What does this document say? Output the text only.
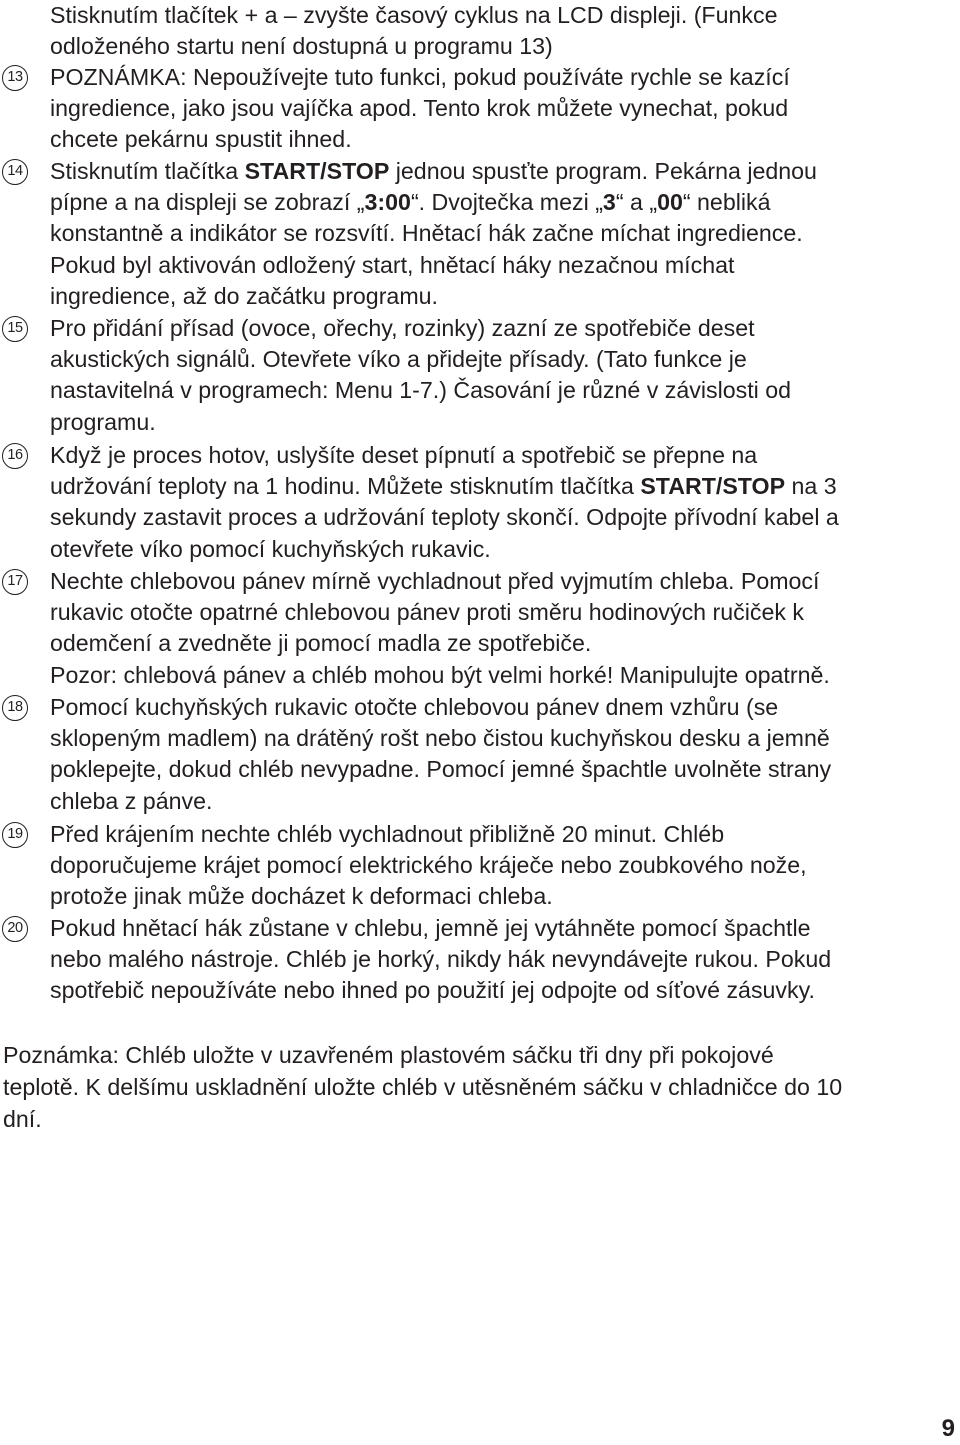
Stisknutím tlačítek + a – zvyšte časový cyklus na LCD displeji. (Funkce
odloženého startu není dostupná u programu 13)
13 POZNÁMKA: Nepoužívejte tuto funkci, pokud používáte rychle se kazící
ingredience, jako jsou vajíčka apod. Tento krok můžete vynechat, pokud
chcete pekárnu spustit ihned.
14 Stisknutím tlačítka START/STOP jednou spusťte program. Pekárna jednou
pípne a na displeji se zobrazí „3:00“. Dvojtečka mezi „3“ a „00“ nebliká
konstantně a indikátor se rozsvítí. Hnětací hák začne míchat ingredience.
Pokud byl aktivován odložený start, hnětací háky nezačnou míchat
ingredience, až do začátku programu.
15 Pro přidání přísad (ovoce, ořechy, rozinky) zazní ze spotřebiče deset
akustických signálů. Otevřete víko a přidejte přísady. (Tato funkce je
nastavitelná v programech: Menu 1-7.) Časování je různé v závislosti od
programu.
16 Když je proces hotov, uslyšíte deset pípnutí a spotřebič se přepne na
udržování teploty na 1 hodinu. Můžete stisknutím tlačítka START/STOP na 3
sekundy zastavit proces a udržování teploty skončí. Odpojte přívodní kabel a
otevřete víko pomocí kuchyňských rukavic.
17 Nechte chlebovou pánev mírně vychladnout před vyjmutím chleba. Pomocí
rukavic otočte opatrné chlebovou pánev proti směru hodinových ručiček k
odemčení a zvedněte ji pomocí madla ze spotřebiče.
Pozor: chlebová pánev a chléb mohou být velmi horké! Manipulujte opatrně.
18 Pomocí kuchyňských rukavic otočte chlebovou pánev dnem vzhůru (se
sklopeným madlem) na drátěný rošt nebo čistou kuchyňskou desku a jemně
poklepejte, dokud chléb nevypadne. Pomocí jemné špachtle uvolněte strany
chleba z pánve.
19 Před krájením nechte chléb vychladnout přibližně 20 minut. Chléb
doporučujeme krájet pomocí elektrického kráječe nebo zoubkového nože,
protože jinak může docházet k deformaci chleba.
20 Pokud hnětací hák zůstane v chlebu, jemně jej vytáhněte pomocí špachtle
nebo malého nástroje. Chléb je horký, nikdy hák nevyndávejte rukou. Pokud
spotřebič nepoužíváte nebo ihned po použití jej odpojte od síťové zásuvky.
Poznámka: Chléb uložte v uzavřeném plastovém sáčku tři dny při pokojové
teplotě. K delšímu uskladnění uložte chléb v utěsněném sáčku v chladničce do 10
dní.
9
